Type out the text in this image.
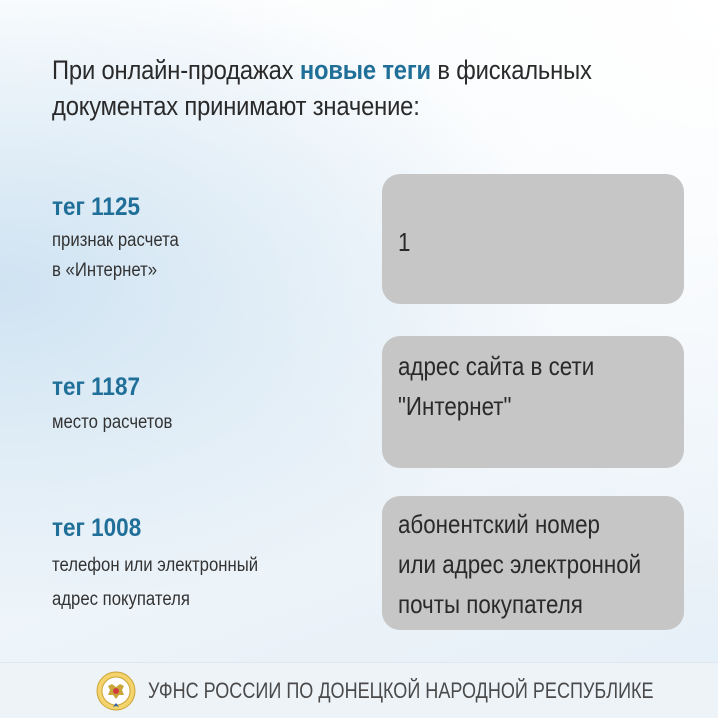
При онлайн-продажах новые теги в фискальных
документах принимают значение:
тег 1125
признак расчета
в «Интернет»
1
тег 1187
место расчетов
адрес сайта в сети
"Интернет"
тег 1008
телефон или электронный
адрес покупателя
абонентский номер
или адрес электронной
почты покупателя
УФНС РОССИИ ПО ДОНЕЦКОЙ НАРОДНОЙ РЕСПУБЛИКЕ
